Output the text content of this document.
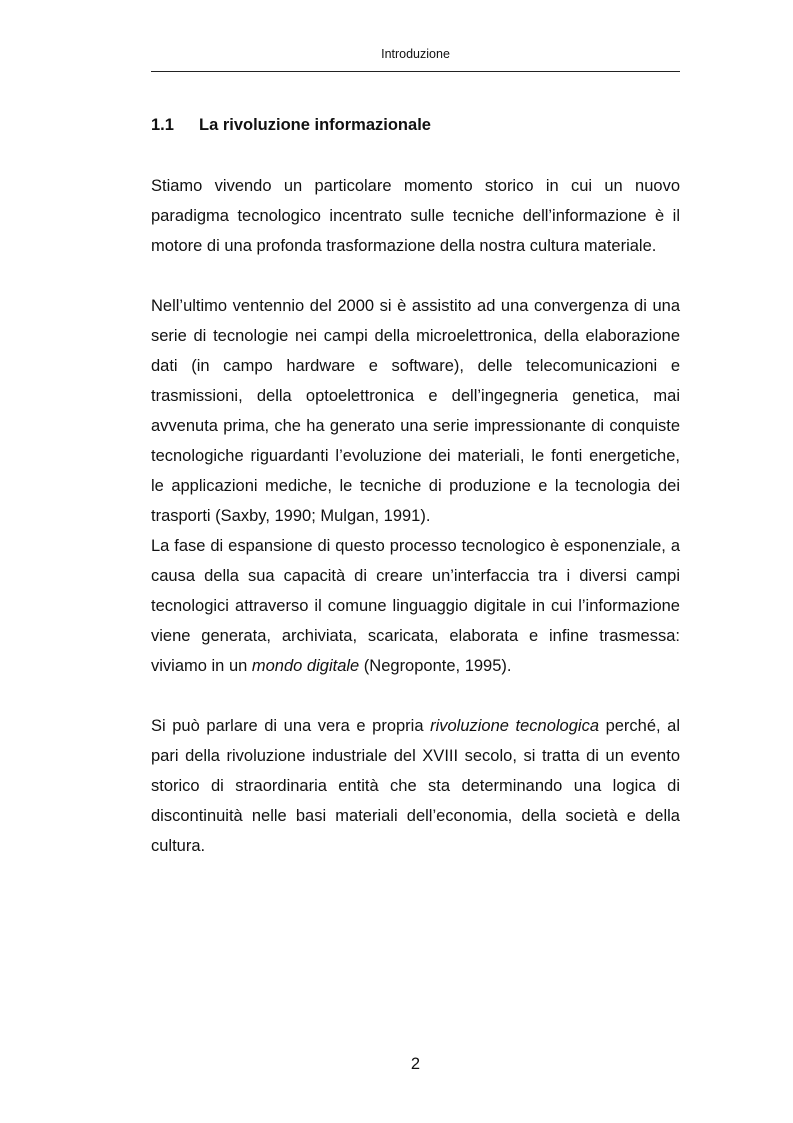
Introduzione
1.1 La rivoluzione informazionale

Stiamo vivendo un particolare momento storico in cui un nuovo paradigma tecnologico incentrato sulle tecniche dell’informazione è il motore di una profonda trasformazione della nostra cultura materiale.

Nell’ultimo ventennio del 2000 si è assistito ad una convergenza di una serie di tecnologie nei campi della microelettronica, della elaborazione dati (in campo hardware e software), delle telecomunicazioni e trasmissioni, della optoelettronica e dell’ingegneria genetica, mai avvenuta prima, che ha generato una serie impressionante di conquiste tecnologiche riguardanti l’evoluzione dei materiali, le fonti energetiche, le applicazioni mediche, le tecniche di produzione e la tecnologia dei trasporti (Saxby, 1990; Mulgan, 1991).

La fase di espansione di questo processo tecnologico è esponenziale, a causa della sua capacità di creare un’interfaccia tra i diversi campi tecnologici attraverso il comune linguaggio digitale in cui l’informazione viene generata, archiviata, scaricata, elaborata e infine trasmessa: viviamo in un mondo digitale (Negroponte, 1995).

Si può parlare di una vera e propria rivoluzione tecnologica perché, al pari della rivoluzione industriale del XVIII secolo, si tratta di un evento storico di straordinaria entità che sta determinando una logica di discontinuità nelle basi materiali dell’economia, della società e della cultura.

2
